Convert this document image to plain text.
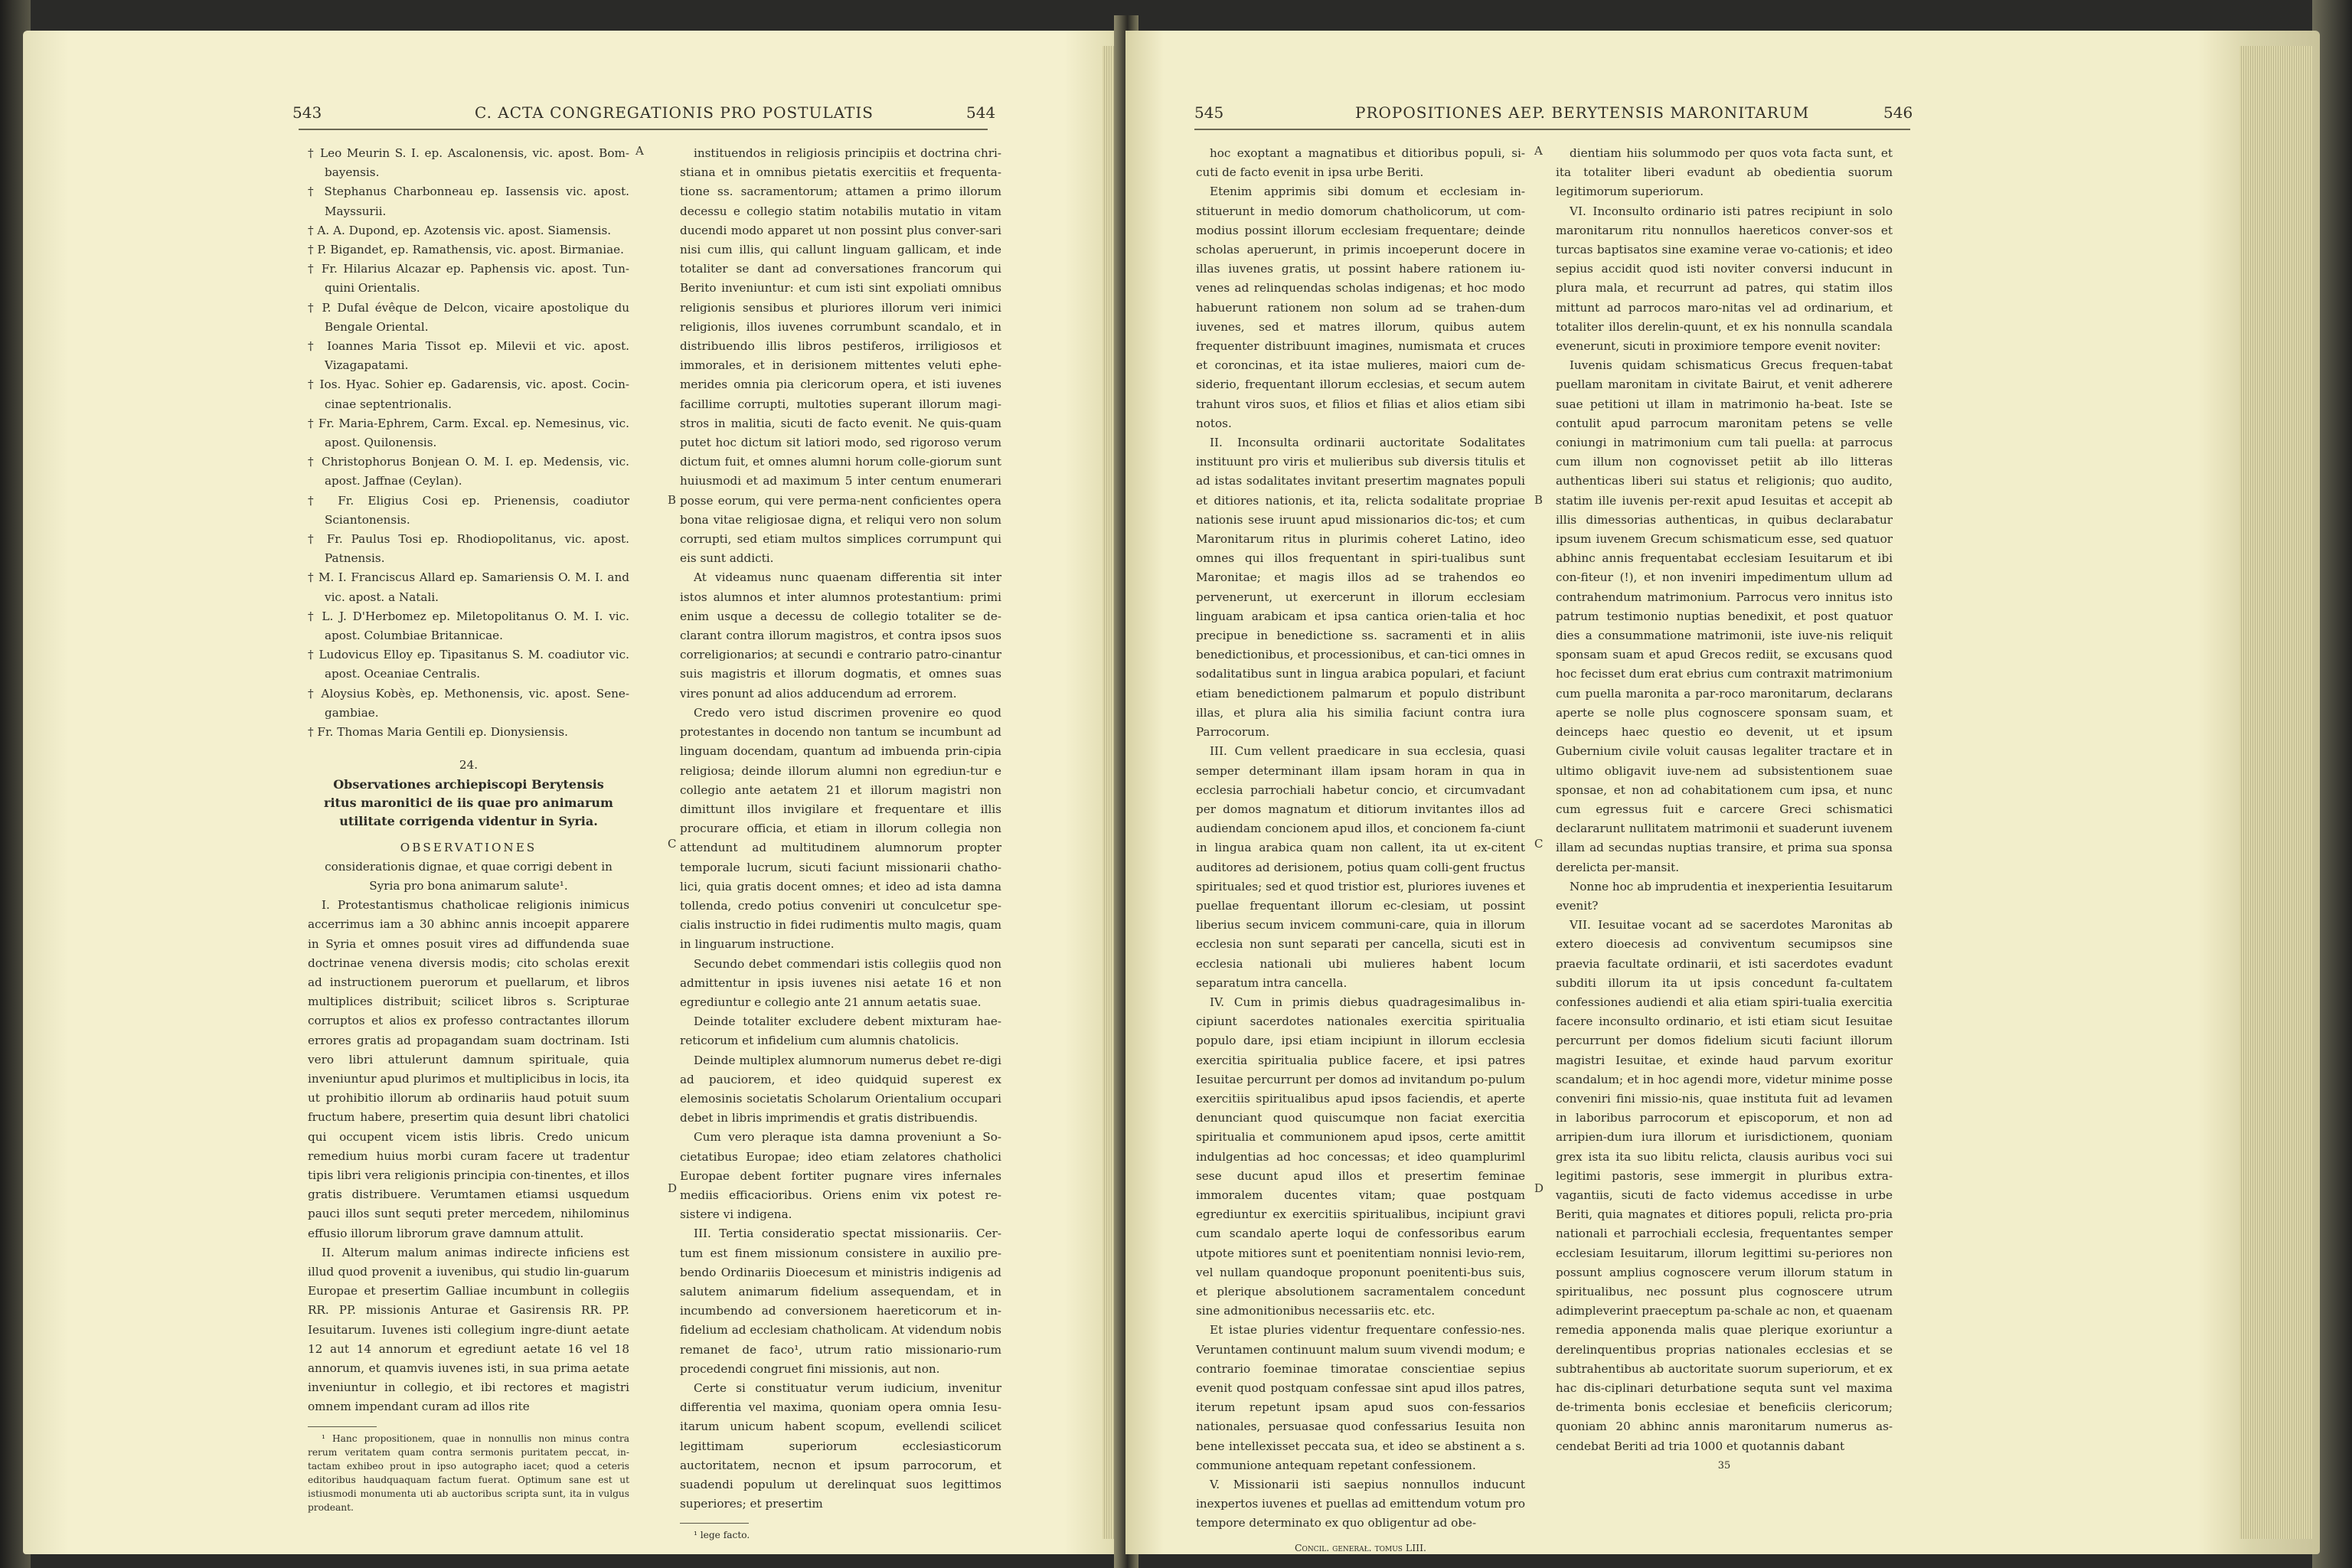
543	C. ACTA CONGREGATIONIS PRO POSTULATIS	544

† Leo Meurin S. I. ep. Ascalonensis, vic. apost. Bom-bayensis.

† Stephanus Charbonneau ep. Iassensis vic. apost. Mayssurii.

† A. A. Dupond, ep. Azotensis vic. apost. Siamensis.

† P. Bigandet, ep. Ramathensis, vic. apost. Birmaniae.

† Fr. Hilarius Alcazar ep. Paphensis vic. apost. Tun-quini Orientalis.

† P. Dufal évêque de Delcon, vicaire apostolique du Bengale Oriental.

† Ioannes Maria Tissot ep. Milevii et vic. apost. Vizagapatami.

† Ios. Hyac. Sohier ep. Gadarensis, vic. apost. Cocin-cinae septentrionalis.

† Fr. Maria-Ephrem, Carm. Excal. ep. Nemesinus, vic. apost. Quilonensis.

† Christophorus Bonjean O. M. I. ep. Medensis, vic. apost. Jaffnae (Ceylan).

† Fr. Eligius Cosi ep. Prienensis, coadiutor Sciantonensis.

† Fr. Paulus Tosi ep. Rhodiopolitanus, vic. apost. Patnensis.

† M. I. Franciscus Allard ep. Samariensis O. M. I. and vic. apost. a Natali.

† L. J. D'Herbomez ep. Miletopolitanus O. M. I. vic. apost. Columbiae Britannicae.

† Ludovicus Elloy ep. Tipasitanus S. M. coadiutor vic. apost. Oceaniae Centralis.

† Aloysius Kobès, ep. Methonensis, vic. apost. Sene-gambiae.

† Fr. Thomas Maria Gentili ep. Dionysiensis.

24.

Observationes archiepiscopi Berytensis ritus maronitici de iis quae pro animarum utilitate corrigenda videntur in Syria.

OBSERVATIONES

considerationis dignae, et quae corrigi debent in Syria pro bona animarum salute¹.

I. Protestantismus chatholicae religionis inimicus accerrimus iam a 30 abhinc annis incoepit apparere in Syria et omnes posuit vires ad diffundenda suae doctrinae venena diversis modis; cito scholas erexit ad instructionem puerorum et puellarum, et libros multiplices distribuit; scilicet libros s. Scripturae corruptos et alios ex professo contractantes illorum errores gratis ad propagandam suam doctrinam. Isti vero libri attulerunt damnum spirituale, quia inveniuntur apud plurimos et multiplicibus in locis, ita ut prohibitio illorum ab ordinariis haud potuit suum fructum habere, presertim quia desunt libri chatolici qui occupent vicem istis libris. Credo unicum remedium huius morbi curam facere ut tradentur tipis libri vera religionis principia con-tinentes, et illos gratis distribuere. Verumtamen etiamsi usquedum pauci illos sunt sequti preter mercedem, nihilominus effusio illorum librorum grave damnum attulit.

II. Alterum malum animas indirecte inficiens est illud quod provenit a iuvenibus, qui studio lin-guarum Europae et presertim Galliae incumbunt in collegiis RR. PP. missionis Anturae et Gasirensis RR. PP. Iesuitarum. Iuvenes isti collegium ingre-diunt aetate 12 aut 14 annorum et egrediunt aetate 16 vel 18 annorum, et quamvis iuvenes isti, in sua prima aetate inveniuntur in collegio, et ibi rectores et magistri omnem impendant curam ad illos rite

¹ Hanc propositionem, quae in nonnullis non minus contra rerum veritatem quam contra sermonis puritatem peccat, in-tactam exhibeo prout in ipso autographo iacet; quod a ceteris editoribus haudquaquam factum fuerat. Optimum sane est ut istiusmodi monumenta uti ab auctoribus scripta sunt, ita in vulgus prodeant.

A
B
C
D

instituendos in religiosis principiis et doctrina chri-stiana et in omnibus pietatis exercitiis et frequenta-tione ss. sacramentorum; attamen a primo illorum decessu e collegio statim notabilis mutatio in vitam ducendi modo apparet ut non possint plus conver-sari nisi cum illis, qui callunt linguam gallicam, et inde totaliter se dant ad conversationes francorum qui Berito inveniuntur: et cum isti sint expoliati omnibus religionis sensibus et pluriores illorum veri inimici religionis, illos iuvenes corrumbunt scandalo, et in distribuendo illis libros pestiferos, irriligiosos et immorales, et in derisionem mittentes veluti ephe-merides omnia pia clericorum opera, et isti iuvenes facillime corrupti, multoties superant illorum magi-stros in malitia, sicuti de facto evenit. Ne quis-quam putet hoc dictum sit latiori modo, sed rigoroso verum dictum fuit, et omnes alumni horum colle-giorum sunt huiusmodi et ad maximum 5 inter centum enumerari posse eorum, qui vere perma-nent conficientes opera bona vitae religiosae digna, et reliqui vero non solum corrupti, sed etiam multos simplices corrumpunt qui eis sunt addicti.

At videamus nunc quaenam differentia sit inter istos alumnos et inter alumnos protestantium: primi enim usque a decessu de collegio totaliter se de-clarant contra illorum magistros, et contra ipsos suos correligionarios; at secundi e contrario patro-cinantur suis magistris et illorum dogmatis, et omnes suas vires ponunt ad alios adducendum ad errorem.

Credo vero istud discrimen provenire eo quod protestantes in docendo non tantum se incumbunt ad linguam docendam, quantum ad imbuenda prin-cipia religiosa; deinde illorum alumni non egrediun-tur e collegio ante aetatem 21 et illorum magistri non dimittunt illos invigilare et frequentare et illis procurare officia, et etiam in illorum collegia non attendunt ad multitudinem alumnorum propter temporale lucrum, sicuti faciunt missionarii chatho-lici, quia gratis docent omnes; et ideo ad ista damna tollenda, credo potius conveniri ut conculcetur spe-cialis instructio in fidei rudimentis multo magis, quam in linguarum instructione.

Secundo debet commendari istis collegiis quod non admittentur in ipsis iuvenes nisi aetate 16 et non egrediuntur e collegio ante 21 annum aetatis suae.

Deinde totaliter excludere debent mixturam hae-reticorum et infidelium cum alumnis chatolicis.

Deinde multiplex alumnorum numerus debet re-digi ad pauciorem, et ideo quidquid superest ex elemosinis societatis Scholarum Orientalium occupari debet in libris imprimendis et gratis distribuendis.

Cum vero pleraque ista damna proveniunt a So-cietatibus Europae; ideo etiam zelatores chatholici Europae debent fortiter pugnare vires infernales mediis efficacioribus. Oriens enim vix potest re-sistere vi indigena.

III. Tertia consideratio spectat missionariis. Cer-tum est finem missionum consistere in auxilio pre-bendo Ordinariis Dioecesum et ministris indigenis ad salutem animarum fidelium assequendam, et in incumbendo ad conversionem haereticorum et in-fidelium ad ecclesiam chatholicam. At videndum nobis remanet de faco¹, utrum ratio missionario-rum procedendi congruet fini missionis, aut non.

Certe si constituatur verum iudicium, invenitur differentia vel maxima, quoniam opera omnia Iesu-itarum unicum habent scopum, evellendi scilicet legittimam superiorum ecclesiasticorum auctoritatem, necnon et ipsum parrocorum, et suadendi populum ut derelinquat suos legittimos superiores; et presertim

¹ lege facto.

545	PROPOSITIONES AEP. BERYTENSIS MARONITARUM	546

hoc exoptant a magnatibus et ditioribus populi, si-cuti de facto evenit in ipsa urbe Beriti.

Etenim apprimis sibi domum et ecclesiam in-stituerunt in medio domorum chatholicorum, ut com-modius possint illorum ecclesiam frequentare; deinde scholas aperuerunt, in primis incoeperunt docere in illas iuvenes gratis, ut possint habere rationem iu-venes ad relinquendas scholas indigenas; et hoc modo habuerunt rationem non solum ad se trahen-dum iuvenes, sed et matres illorum, quibus autem frequenter distribuunt imagines, numismata et cruces et coroncinas, et ita istae mulieres, maiori cum de-siderio, frequentant illorum ecclesias, et secum autem trahunt viros suos, et filios et filias et alios etiam sibi notos.

II. Inconsulta ordinarii auctoritate Sodalitates instituunt pro viris et mulieribus sub diversis titulis et ad istas sodalitates invitant presertim magnates populi et ditiores nationis, et ita, relicta sodalitate propriae nationis sese iruunt apud missionarios dic-tos; et cum Maronitarum ritus in plurimis coheret Latino, ideo omnes qui illos frequentant in spiri-tualibus sunt Maronitae; et magis illos ad se trahendos eo pervenerunt, ut exercerunt in illorum ecclesiam linguam arabicam et ipsa cantica orien-talia et hoc precipue in benedictione ss. sacramenti et in aliis benedictionibus, et processionibus, et can-tici omnes in sodalitatibus sunt in lingua arabica populari, et faciunt etiam benedictionem palmarum et populo distribunt illas, et plura alia his similia faciunt contra iura Parrocorum.

III. Cum vellent praedicare in sua ecclesia, quasi semper determinant illam ipsam horam in qua in ecclesia parrochiali habetur concio, et circumvadant per domos magnatum et ditiorum invitantes illos ad audiendam concionem apud illos, et concionem fa-ciunt in lingua arabica quam non callent, ita ut ex-citent auditores ad derisionem, potius quam colli-gent fructus spirituales; sed et quod tristior est, pluriores iuvenes et puellae frequentant illorum ec-clesiam, ut possint liberius secum invicem communi-care, quia in illorum ecclesia non sunt separati per cancella, sicuti est in ecclesia nationali ubi mulieres habent locum separatum intra cancella.

IV. Cum in primis diebus quadragesimalibus in-cipiunt sacerdotes nationales exercitia spiritualia populo dare, ipsi etiam incipiunt in illorum ecclesia exercitia spiritualia publice facere, et ipsi patres Iesuitae percurrunt per domos ad invitandum po-pulum exercitiis spiritualibus apud ipsos faciendis, et aperte denunciant quod quiscumque non faciat exercitia spiritualia et communionem apud ipsos, certe amittit indulgentias ad hoc concessas; et ideo quampluriml sese ducunt apud illos et presertim feminae immoralem ducentes vitam; quae postquam egrediuntur ex exercitiis spiritualibus, incipiunt gravi cum scandalo aperte loqui de confessoribus earum utpote mitiores sunt et poenitentiam nonnisi levio-rem, vel nullam quandoque proponunt poenitenti-bus suis, et plerique absolutionem sacramentalem concedunt sine admonitionibus necessariis etc. etc.

Et istae pluries videntur frequentare confessio-nes. Veruntamen continuunt malum suum vivendi modum; e contrario foeminae timoratae conscientiae sepius evenit quod postquam confessae sint apud illos patres, iterum repetunt ipsam apud suos con-fessarios nationales, persuasae quod confessarius Iesuita non bene intellexisset peccata sua, et ideo se abstinent a s. communione antequam repetant confessionem.

V. Missionarii isti saepius nonnullos inducunt inexpertos iuvenes et puellas ad emittendum votum pro tempore determinato ex quo obligentur ad obe-

Concil. generał. tomus LIII.

A
B
C
D

dientiam hiis solummodo per quos vota facta sunt, et ita totaliter liberi evadunt ab obedientia suorum legitimorum superiorum.

VI. Inconsulto ordinario isti patres recipiunt in solo maronitarum ritu nonnullos haereticos conver-sos et turcas baptisatos sine examine verae vo-cationis; et ideo sepius accidit quod isti noviter conversi inducunt in plura mala, et recurrunt ad patres, qui statim illos mittunt ad parrocos maro-nitas vel ad ordinarium, et totaliter illos derelin-quunt, et ex his nonnulla scandala evenerunt, sicuti in proximiore tempore evenit noviter:

Iuvenis quidam schismaticus Grecus frequen-tabat puellam maronitam in civitate Bairut, et venit adherere suae petitioni ut illam in matrimonio ha-beat. Iste se contulit apud parrocum maronitam petens se velle coniungi in matrimonium cum tali puella: at parrocus cum illum non cognovisset petiit ab illo litteras authenticas liberi sui status et religionis; quo audito, statim ille iuvenis per-rexit apud Iesuitas et accepit ab illis dimessorias authenticas, in quibus declarabatur ipsum iuvenem Grecum schismaticum esse, sed quatuor abhinc annis frequentabat ecclesiam Iesuitarum et ibi con-fiteur (!), et non inveniri impedimentum ullum ad contrahendum matrimonium. Parrocus vero innitus isto patrum testimonio nuptias benedixit, et post quatuor dies a consummatione matrimonii, iste iuve-nis reliquit sponsam suam et apud Grecos rediit, se excusans quod hoc fecisset dum erat ebrius cum contraxit matrimonium cum puella maronita a par-roco maronitarum, declarans aperte se nolle plus cognoscere sponsam suam, et deinceps haec questio eo devenit, ut et ipsum Gubernium civile voluit causas legaliter tractare et in ultimo obligavit iuve-nem ad subsistentionem suae sponsae, et non ad cohabitationem cum ipsa, et nunc cum egressus fuit e carcere Greci schismatici declararunt nullitatem matrimonii et suaderunt iuvenem illam ad secundas nuptias transire, et prima sua sponsa derelicta per-mansit.

Nonne hoc ab imprudentia et inexperientia Iesuitarum evenit?

VII. Iesuitae vocant ad se sacerdotes Maronitas ab extero dioecesis ad conviventum secumipsos sine praevia facultate ordinarii, et isti sacerdotes evadunt subditi illorum ita ut ipsis concedunt fa-cultatem confessiones audiendi et alia etiam spiri-tualia exercitia facere inconsulto ordinario, et isti etiam sicut Iesuitae percurrunt per domos fidelium sicuti faciunt illorum magistri Iesuitae, et exinde haud parvum exoritur scandalum; et in hoc agendi more, videtur minime posse conveniri fini missio-nis, quae instituta fuit ad levamen in laboribus parrocorum et episcoporum, et non ad arripien-dum iura illorum et iurisdictionem, quoniam grex ista ita suo libitu relicta, clausis auribus voci sui legitimi pastoris, sese immergit in pluribus extra-vagantiis, sicuti de facto videmus accedisse in urbe Beriti, quia magnates et ditiores populi, relicta pro-pria nationali et parrochiali ecclesia, frequentantes semper ecclesiam Iesuitarum, illorum legittimi su-periores non possunt amplius cognoscere verum illorum statum in spiritualibus, nec possunt plus cognoscere utrum adimpleverint praeceptum pa-schale ac non, et quaenam remedia apponenda malis quae plerique exoriuntur a derelinquentibus proprias nationales ecclesias et se subtrahentibus ab auctoritate suorum superiorum, et ex hac dis-ciplinari deturbatione sequta sunt vel maxima de-trimenta bonis ecclesiae et beneficiis clericorum; quoniam 20 abhinc annis maronitarum numerus as-cendebat Beriti ad tria 1000 et quotannis dabant

35
